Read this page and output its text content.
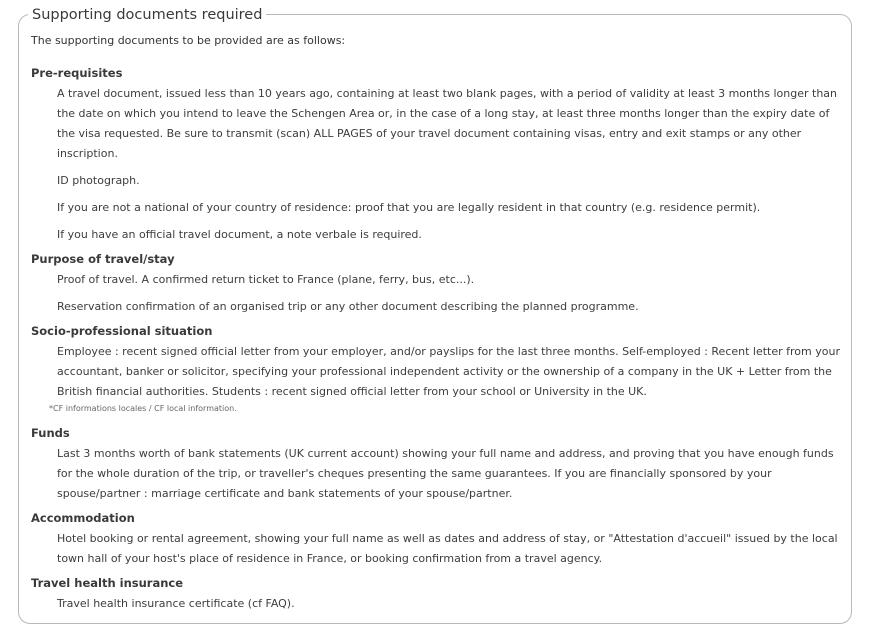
Supporting documents required
The supporting documents to be provided are as follows:
Pre-requisites
A travel document, issued less than 10 years ago, containing at least two blank pages, with a period of validity at least 3 months longer than the date on which you intend to leave the Schengen Area or, in the case of a long stay, at least three months longer than the expiry date of the visa requested. Be sure to transmit (scan) ALL PAGES of your travel document containing visas, entry and exit stamps or any other inscription.
ID photograph.
If you are not a national of your country of residence: proof that you are legally resident in that country (e.g. residence permit).
If you have an official travel document, a note verbale is required.
Purpose of travel/stay
Proof of travel. A confirmed return ticket to France (plane, ferry, bus, etc...).
Reservation confirmation of an organised trip or any other document describing the planned programme.
Socio-professional situation
Employee : recent signed official letter from your employer, and/or payslips for the last three months. Self-employed : Recent letter from your accountant, banker or solicitor, specifying your professional independent activity or the ownership of a company in the UK + Letter from the British financial authorities. Students : recent signed official letter from your school or University in the UK.
*CF informations locales / CF local information.
Funds
Last 3 months worth of bank statements (UK current account) showing your full name and address, and proving that you have enough funds for the whole duration of the trip, or traveller's cheques presenting the same guarantees. If you are financially sponsored by your spouse/partner : marriage certificate and bank statements of your spouse/partner.
Accommodation
Hotel booking or rental agreement, showing your full name as well as dates and address of stay, or "Attestation d'accueil" issued by the local town hall of your host's place of residence in France, or booking confirmation from a travel agency.
Travel health insurance
Travel health insurance certificate (cf FAQ).
